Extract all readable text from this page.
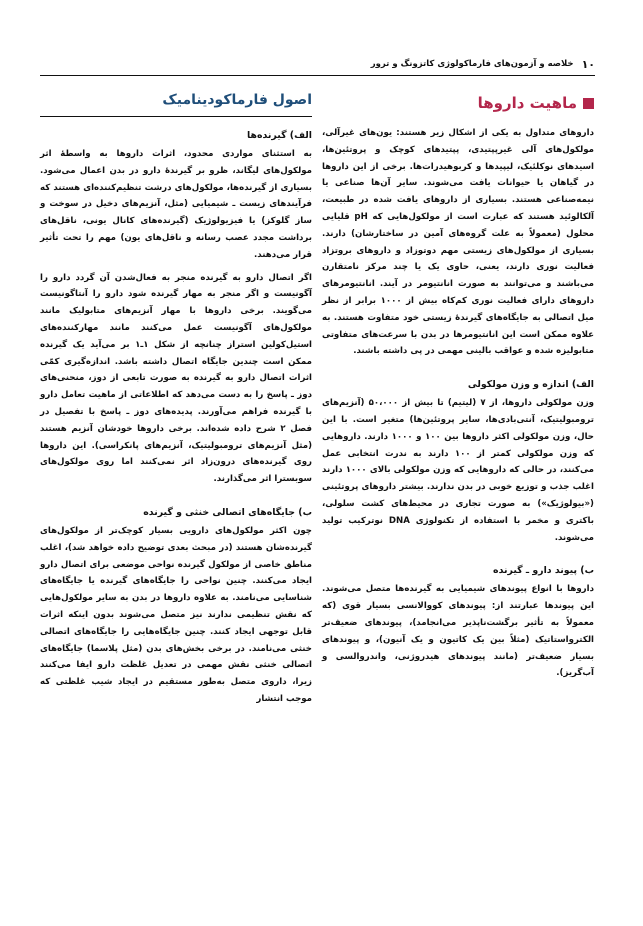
۱۰
خلاصه و آزمون‌های فارماکولوژی کاتزونگ و ترور
ماهیت داروها

داروهای متداول به یکی از اشکال زیر هستند: یون‌های غیرآلی، مولکول‌های آلی غیرپپتیدی، پپتیدهای کوچک و پروتئین‌ها، اسیدهای نوکلئیک، لیپیدها و کربوهیدرات‌ها. برخی از این داروها در گیاهان یا حیوانات یافت می‌شوند. سایر آن‌ها صناعی یا نیمه‌صناعی هستند. بسیاری از داروهای یافت شده در طبیعت، آلکالوئید هستند که عبارت است از مولکول‌هایی که pH قلیایی محلول (معمولاً به علت گروه‌های آمین در ساختارشان) دارند. بسیاری از مولکول‌های زیستی مهم دوتوزاد و داروهای بروتزاد فعالیت نوری دارند، یعنی، حاوی یک یا چند مرکز نامتقارن می‌باشند و می‌توانند به صورت انانتیومر در آیند. انانتیومرهای داروهای دارای فعالیت نوری کم‌کاه بیش از ۱۰۰۰ برابر از نظر میل اتصالی به جایگاه‌های گیرندهٔ زیستی خود متفاوت هستند. به علاوه ممکن است این انانتیومرها در بدن با سرعت‌های متفاوتی متابولیزه شده و عواقب بالینی مهمی در پی داشته باشند.

الف) اندازه و وزن مولکولی

وزن مولکولی داروها، از ۷ (لیتیم) تا بیش از ۵۰،۰۰۰ (آنزیم‌های ترومبولیتیک، آنتی‌بادی‌ها، سایر پروتئین‌ها) متغیر است. با این حال، وزن مولکولی اکثر داروها بین ۱۰۰ و ۱۰۰۰ دارند. داروهایی که وزن مولکولی کمتر از ۱۰۰ دارند به ندرت انتخابی عمل می‌کنند، در حالی که داروهایی که وزن مولکولی بالای ۱۰۰۰ دارند اغلب جذب و توزیع خوبی در بدن ندارند. بیشتر داروهای پروتئینی («بیولوژیک») به صورت تجاری در محیط‌های کشت سلولی، باکتری و مخمر با استفاده از تکنولوژی DNA نوترکیب تولید می‌شوند.

ب) پیوند دارو ـ گیرنده

داروها با انواع پیوندهای شیمیایی به گیرنده‌ها متصل می‌شوند. این پیوندها عبارتند از: پیوندهای کووالانسی بسیار قوی (که معمولاً به تأثیر برگشت‌ناپذیر می‌انجامد)، پیوندهای ضعیف‌تر الکترواستاتیک (مثلاً بین یک کاتیون و یک آنیون)، و پیوندهای بسیار ضعیف‌تر (مانند پیوندهای هیدروژنی، واندروالسی و آب‌گریز).

اصول فارماکودینامیک
الف) گیرنده‌ها

به استثنای مواردی محدود، اثرات داروها به واسطهٔ اثر مولکول‌های لیگاند، ظرو بر گیرندهٔ دارو در بدن اعمال می‌شود. بسیاری از گیرنده‌ها، مولکول‌های درشت تنظیم‌کننده‌ای هستند که فرآیندهای زیست ـ شیمیایی (مثل، آنزیم‌های دخیل در سوخت و ساز گلوکز) یا فیزیولوژیک (گیرنده‌های کانال یونی، ناقل‌های برداشت مجدد عصب رسانه و ناقل‌های یون) مهم را تحت تأثیر قرار می‌دهند.

اگر اتصال دارو به گیرنده منجر به فعال‌شدن آن گردد دارو را آگونیست و اگر منجر به مهار گیرنده شود دارو را آنتاگونیست می‌گویند. برخی داروها با مهار آنزیم‌های متابولیک مانند مولکول‌های آگونیست عمل می‌کنند مانند مهارکننده‌های استیل‌کولین استراز چنانچه از شکل ۱ـ۱ بر می‌آید یک گیرنده ممکن است چندین جایگاه اتصال داشته باشد. اندازه‌گیری کمّی اثرات اتصال دارو به گیرنده به صورت تابعی از دوز، منحنی‌های دوز ـ پاسخ را به دست می‌دهد که اطلاعاتی از ماهیت تعامل دارو با گیرنده فراهم می‌آورند. پدیده‌های دوز ـ پاسخ با تفصیل در فصل ۲ شرح داده شده‌اند. برخی داروها خودشان آنزیم هستند (مثل آنزیم‌های ترومبولیتیک، آنزیم‌های پانکراسی). این داروها روی گیرنده‌های درون‌زاد اثر نمی‌کنند اما روی مولکول‌های سوبسترا اثر می‌گذارند.

ب) جایگاه‌های اتصالی خنثی و گیرنده

چون اکثر مولکول‌های دارویی بسیار کوچک‌تر از مولکول‌های گیرنده‌شان هستند (در مبحث بعدی توضیح داده خواهد شد)، اغلب مناطق خاصی از مولکول گیرنده نواحی موضعی برای اتصال دارو ایجاد می‌کنند. چنین نواحی را جایگاه‌های گیرنده یا جایگاه‌های شناسایی می‌نامند. به علاوه داروها در بدن به سایر مولکول‌هایی که نقش تنظیمی ندارند نیز متصل می‌شوند بدون اینکه اثرات قابل توجهی ایجاد کنند. چنین جایگاه‌هایی را جایگاه‌های اتصالی خنثی می‌نامند. در برخی بخش‌های بدن (مثل پلاسما) جایگاه‌های اتصالی خنثی نقش مهمی در تعدیل غلظت دارو ایفا می‌کنند زیرا، داروی متصل به‌طور مستقیم در ایجاد شیب غلظتی که موجب انتشار
